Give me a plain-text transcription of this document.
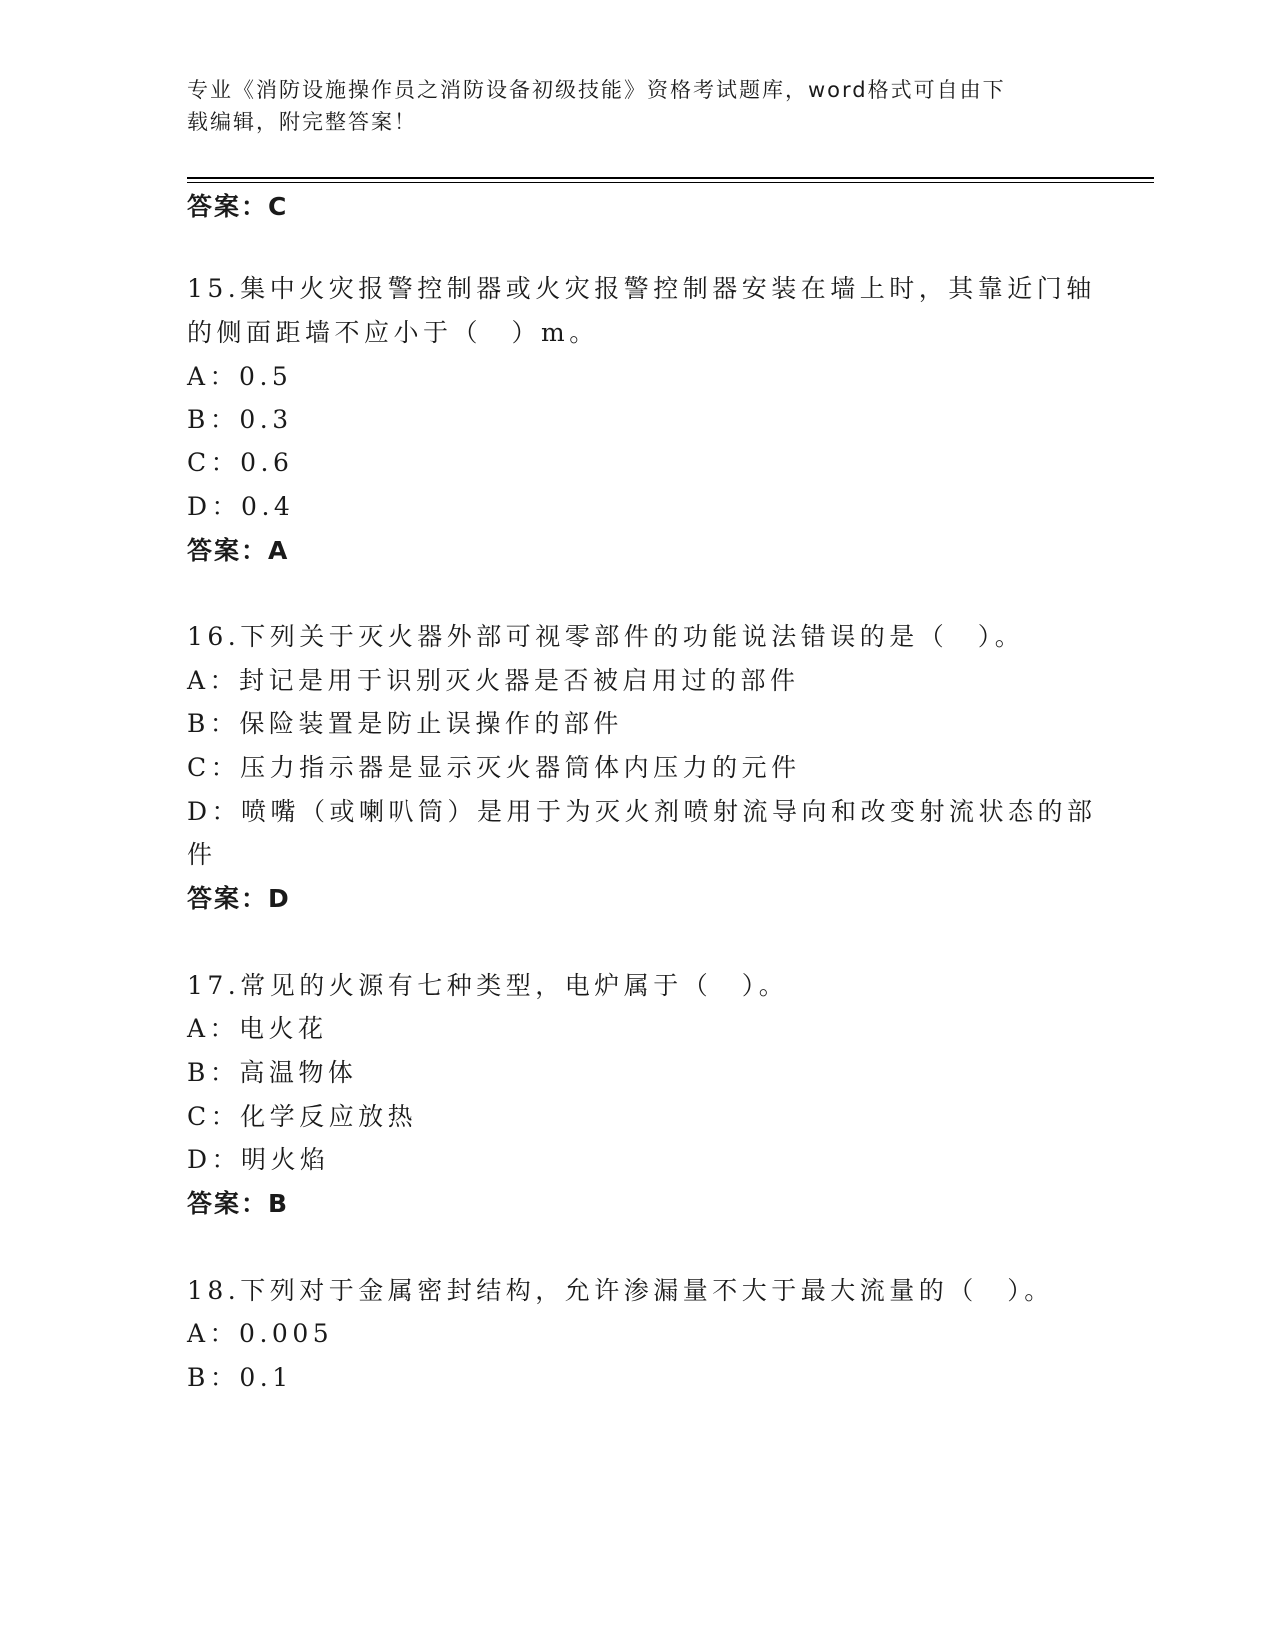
专业《消防设施操作员之消防设备初级技能》资格考试题库，word格式可自由下
载编辑，附完整答案！
答案：C
15.集中火灾报警控制器或火灾报警控制器安装在墙上时，其靠近门轴
的侧面距墙不应小于（　）m。
A：0.5
B：0.3
C：0.6
D：0.4
答案：A
16.下列关于灭火器外部可视零部件的功能说法错误的是（　）。
A：封记是用于识别灭火器是否被启用过的部件
B：保险装置是防止误操作的部件
C：压力指示器是显示灭火器筒体内压力的元件
D：喷嘴（或喇叭筒）是用于为灭火剂喷射流导向和改变射流状态的部
件
答案：D
17.常见的火源有七种类型，电炉属于（　）。
A：电火花
B：高温物体
C：化学反应放热
D：明火焰
答案：B
18.下列对于金属密封结构，允许渗漏量不大于最大流量的（　）。
A：0.005
B：0.1
